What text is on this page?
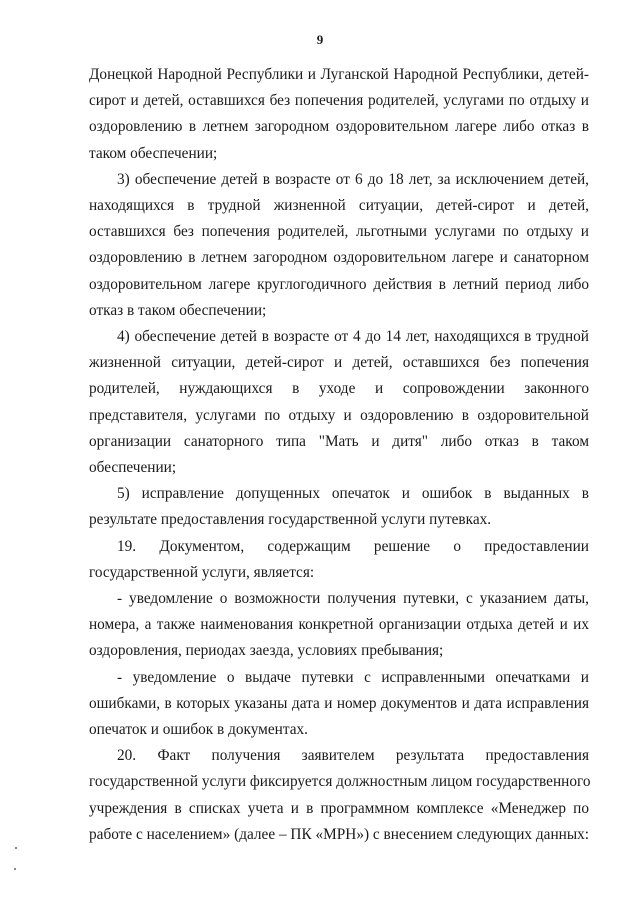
9

Донецкой Народной Республики и Луганской Народной Республики, детей-
сирот и детей, оставшихся без попечения родителей, услугами по отдыху и
оздоровлению в летнем загородном оздоровительном лагере либо отказ в
таком обеспечении;

3) обеспечение детей в возрасте от 6 до 18 лет, за исключением детей,
находящихся в трудной жизненной ситуации, детей-сирот и детей,
оставшихся без попечения родителей, льготными услугами по отдыху и
оздоровлению в летнем загородном оздоровительном лагере и санаторном
оздоровительном лагере круглогодичного действия в летний период либо
отказ в таком обеспечении;

4) обеспечение детей в возрасте от 4 до 14 лет, находящихся в трудной
жизненной ситуации, детей-сирот и детей, оставшихся без попечения
родителей, нуждающихся в уходе и сопровождении законного
представителя, услугами по отдыху и оздоровлению в оздоровительной
организации санаторного типа "Мать и дитя" либо отказ в таком
обеспечении;

5) исправление допущенных опечаток и ошибок в выданных в
результате предоставления государственной услуги путевках.

19. Документом, содержащим решение о предоставлении
государственной услуги, является:

- уведомление о возможности получения путевки, с указанием даты,
номера, а также наименования конкретной организации отдыха детей и их
оздоровления, периодах заезда, условиях пребывания;

- уведомление о выдаче путевки с исправленными опечатками и
ошибками, в которых указаны дата и номер документов и дата исправления
опечаток и ошибок в документах.

20. Факт получения заявителем результата предоставления
государственной услуги фиксируется должностным лицом государственного
учреждения в списках учета и в программном комплексе «Менеджер по
работе с населением» (далее – ПК «МРН») с внесением следующих данных:
